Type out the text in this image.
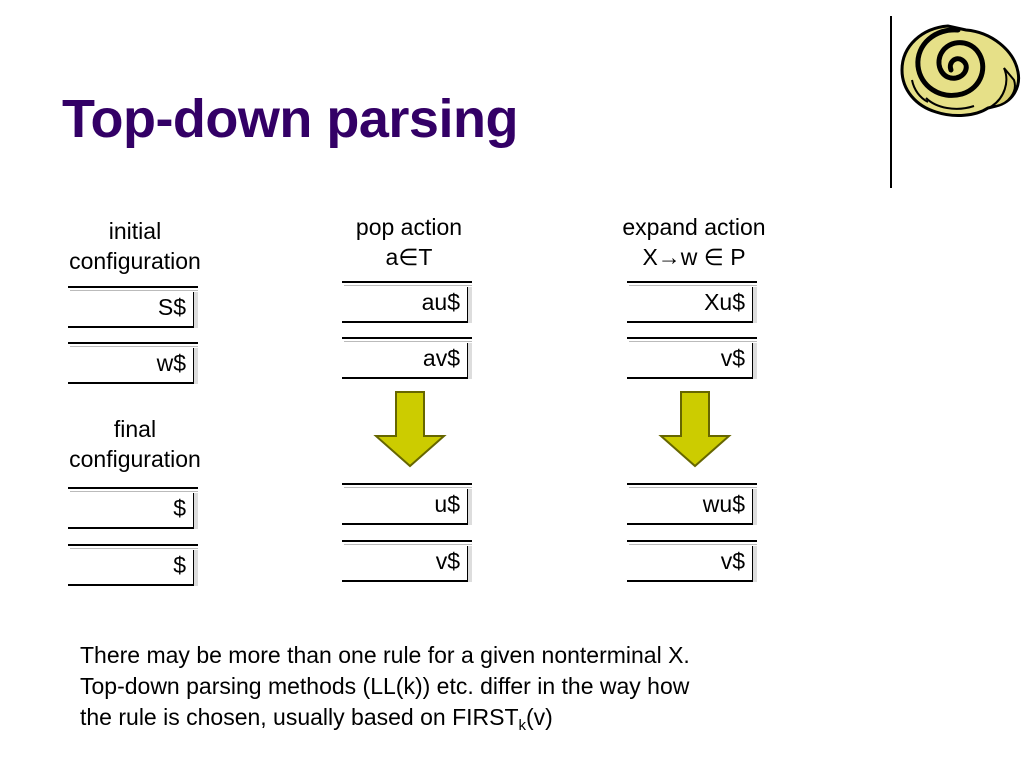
Top-down parsing
initial
configuration
S$
w$
final
configuration
$
$
pop action
a∈T
au$
av$
u$
v$
expand action
X→w ∈ P
Xu$
v$
wu$
v$
There may be more than one rule for a given nonterminal X.
Top-down parsing methods (LL(k)) etc. differ in the way how
the rule is chosen, usually based on $FIRST_k(v)$
